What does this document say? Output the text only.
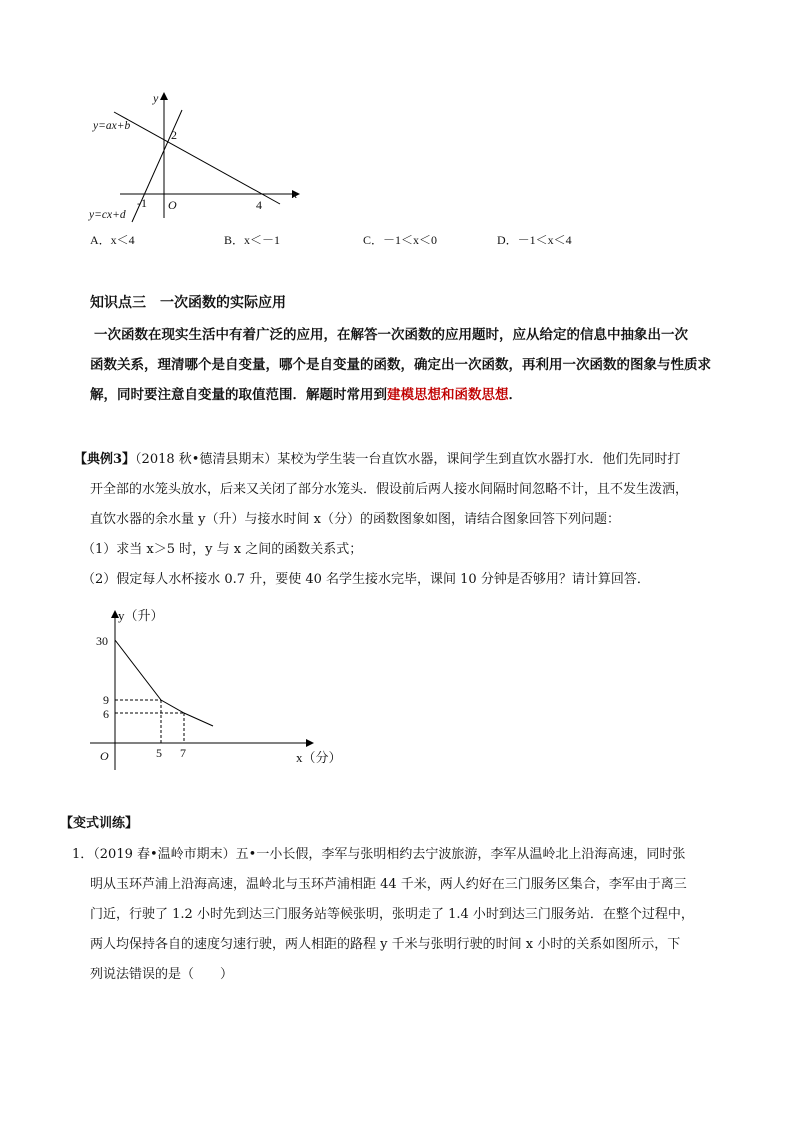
y
x
y=ax+b
y=cx+d
O
2
-1	4
A．x＜4	B．x＜－1	C．－1＜x＜0	D．－1＜x＜4
知识点三　一次函数的实际应用
一次函数在现实生活中有着广泛的应用，在解答一次函数的应用题时，应从给定的信息中抽象出一次
函数关系，理清哪个是自变量，哪个是自变量的函数，确定出一次函数，再利用一次函数的图象与性质求
解，同时要注意自变量的取值范围．解题时常用到建模思想和函数思想．
【典例3】（2018 秋•德清县期末）某校为学生装一台直饮水器，课间学生到直饮水器打水．他们先同时打
开全部的水笼头放水，后来又关闭了部分水笼头．假设前后两人接水间隔时间忽略不计，且不发生泼洒，
直饮水器的余水量 y（升）与接水时间 x（分）的函数图象如图，请结合图象回答下列问题：
（1）求当 x＞5 时，y 与 x 之间的函数关系式；
（2）假定每人水杯接水 0.7 升，要使 40 名学生接水完毕，课间 10 分钟是否够用？请计算回答．
y（升）
x（分）
O
30
9
6
5 7
【变式训练】
1．（2019 春•温岭市期末）五•一小长假，李军与张明相约去宁波旅游，李军从温岭北上沿海高速，同时张
明从玉环芦浦上沿海高速，温岭北与玉环芦浦相距 44 千米，两人约好在三门服务区集合，李军由于离三
门近，行驶了 1.2 小时先到达三门服务站等候张明，张明走了 1.4 小时到达三门服务站．在整个过程中，
两人均保持各自的速度匀速行驶，两人相距的路程 y 千米与张明行驶的时间 x 小时的关系如图所示，下
列说法错误的是（　　）
